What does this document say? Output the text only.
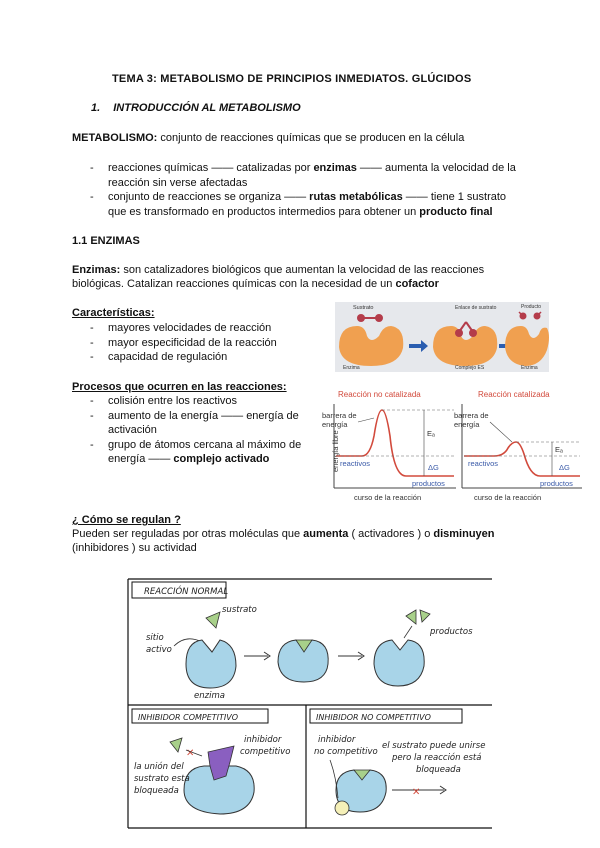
TEMA 3: METABOLISMO DE PRINCIPIOS INMEDIATOS. GLÚCIDOS
1. INTRODUCCIÓN AL METABOLISMO
METABOLISMO: conjunto de reacciones químicas que se producen en la célula
- reacciones químicas —— catalizadas por enzimas —— aumenta la velocidad de la
reacción sin verse afectadas
- conjunto de reacciones se organiza —— rutas metabólicas —— tiene 1 sustrato
que es transformado en productos intermedios para obtener un producto final
1.1 ENZIMAS
Enzimas: son catalizadores biológicos que aumentan la velocidad de las reacciones
biológicas. Catalizan reacciones químicas con la necesidad de un cofactor
Características:
- mayores velocidades de reacción
- mayor especificidad de la reacción
- capacidad de regulación
Procesos que ocurren en las reacciones:
- colisión entre los reactivos
- aumento de la energía —— energía de
activación
- grupo de átomos cercana al máximo de
energía —— complejo activado
¿ Cómo se regulan ?
Pueden ser reguladas por otras moléculas que aumenta ( activadores ) o disminuyen
(inhibidores ) su actividad
Sustrato
Enzima
Enlace de sustrato
Complejo ES	Enzima
Producto
Reacción no catalizada
energía libre
barrera de
energía
Eₐ
ΔG
reactivos
productos
curso de la reacción
Reacción catalizada
barrera de
energía
Eₐ
ΔG
reactivos
productos
curso de la reacción
REACCIÓN NORMAL
sustrato
sitio
activo
enzima
productos
INHIBIDOR COMPETITIVO
✕
inhibidor
competitivo
la unión del
sustrato está
bloqueada
INHIBIDOR NO COMPETITIVO
inhibidor
no competitivo
el sustrato puede unirse
pero la reacción está
bloqueada
✕
